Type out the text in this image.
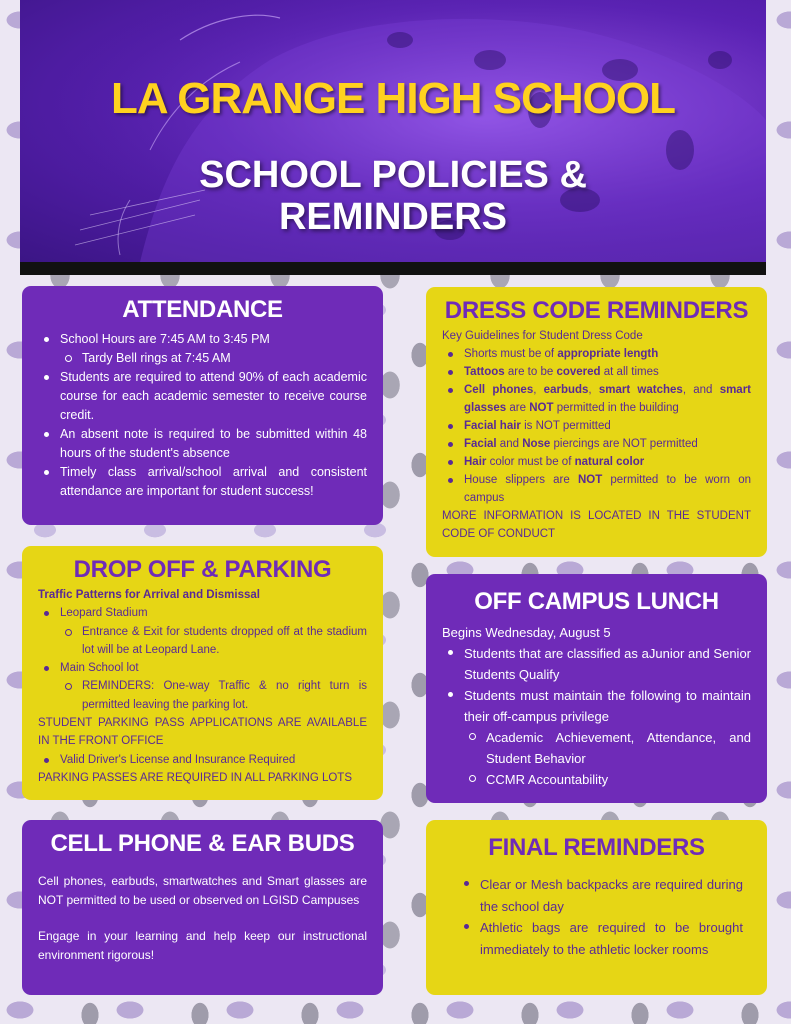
LA GRANGE HIGH SCHOOL
SCHOOL POLICIES &
REMINDERS
ATTENDANCE
School Hours are 7:45 AM to 3:45 PM
Tardy Bell rings at 7:45 AM
Students are required to attend 90% of each academic course for each academic semester to receive course credit.
An absent note is required to be submitted within 48 hours of the student's absence
Timely class arrival/school arrival and consistent attendance are important for student success!
DRESS CODE REMINDERS
Key Guidelines for Student Dress Code
Shorts must be of appropriate length
Tattoos are to be covered at all times
Cell phones, earbuds, smart watches, and smart glasses are NOT permitted in the building
Facial hair is NOT permitted
Facial and Nose piercings are NOT permitted
Hair color must be of natural color
House slippers are NOT permitted to be worn on campus
MORE INFORMATION IS LOCATED IN THE STUDENT CODE OF CONDUCT
DROP OFF & PARKING
Traffic Patterns for Arrival and Dismissal
Leopard Stadium
Entrance & Exit for students dropped off at the stadium lot will be at Leopard Lane.
Main School lot
REMINDERS: One-way Traffic & no right turn is permitted leaving the parking lot.
STUDENT PARKING PASS APPLICATIONS ARE AVAILABLE IN THE FRONT OFFICE
Valid Driver's License and Insurance Required
PARKING PASSES ARE REQUIRED IN ALL PARKING LOTS
OFF CAMPUS LUNCH
Begins Wednesday, August 5
Students that are classified as aJunior and Senior Students Qualify
Students must maintain the following to maintain their off-campus privilege
Academic Achievement, Attendance, and Student Behavior
CCMR Accountability
CELL PHONE & EAR BUDS

Cell phones, earbuds, smartwatches and Smart glasses are NOT permitted to be used or observed on LGISD Campuses

Engage in your learning and help keep our instructional environment rigorous!

FINAL REMINDERS
Clear or Mesh backpacks are required during the school day
Athletic bags are required to be brought immediately to the athletic locker rooms
